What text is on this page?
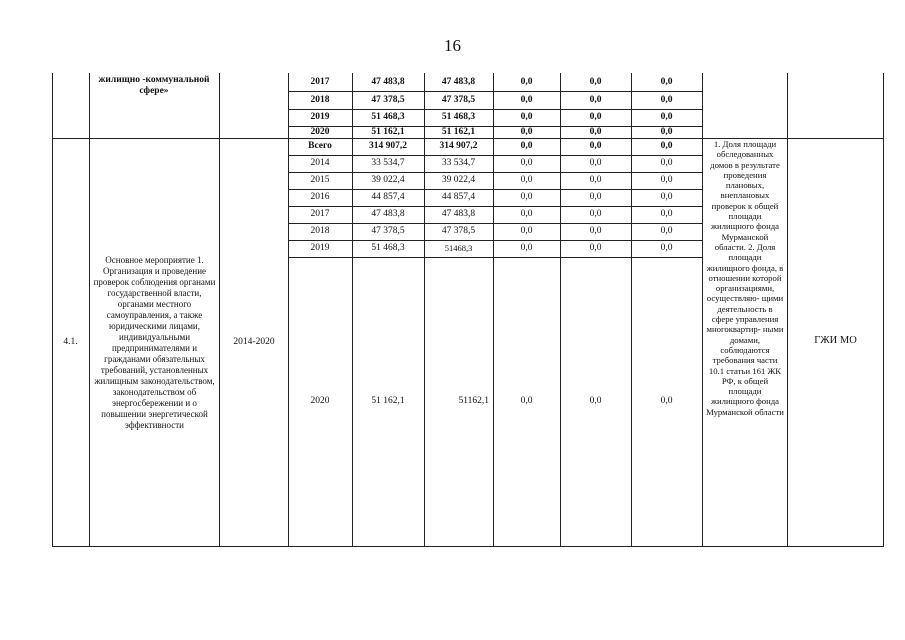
16
жилищно -коммунальной сфере»
2017	47 483,8	47 483,8	0,0	0,0	0,0
2018	47 378,5	47 378,5	0,0	0,0	0,0
2019	51 468,3	51 468,3	0,0	0,0	0,0
2020	51 162,1	51 162,1	0,0	0,0	0,0
4.1.
Основное мероприятие 1. Организация и проведение проверок соблюдения органами государственной власти, органами местного самоуправления, а также юридическими лицами, индивидуальными предпринимателями и гражданами обязательных требований, установленных жилищным законодательством, законодательством об энергосбережении и о повышении энергетической эффективности
2014-2020
Всего	314 907,2	314 907,2	0,0	0,0	0,0
2014	33 534,7	33 534,7	0,0	0,0	0,0
2015	39 022,4	39 022,4	0,0	0,0	0,0
2016	44 857,4	44 857,4	0,0	0,0	0,0
2017	47 483,8	47 483,8	0,0	0,0	0,0
2018	47 378,5	47 378,5	0,0	0,0	0,0
2019	51 468,3	51468,3	0,0	0,0	0,0
2020	51 162,1	51162,1	0,0	0,0	0,0
1. Доля площади обследованных домов в результате проведения плановых, внеплановых проверок к общей площади жилищного фонда Мурманской области. 2. Доля площади жилищного фонда, в отношении которой организациями, осуществляю- щими деятельность в сфере управления многоквартир- ными домами, соблюдаются требования части 10.1 статьи 161 ЖК РФ, к общей площади жилищного фонда Мурманской области
ГЖИ МО
